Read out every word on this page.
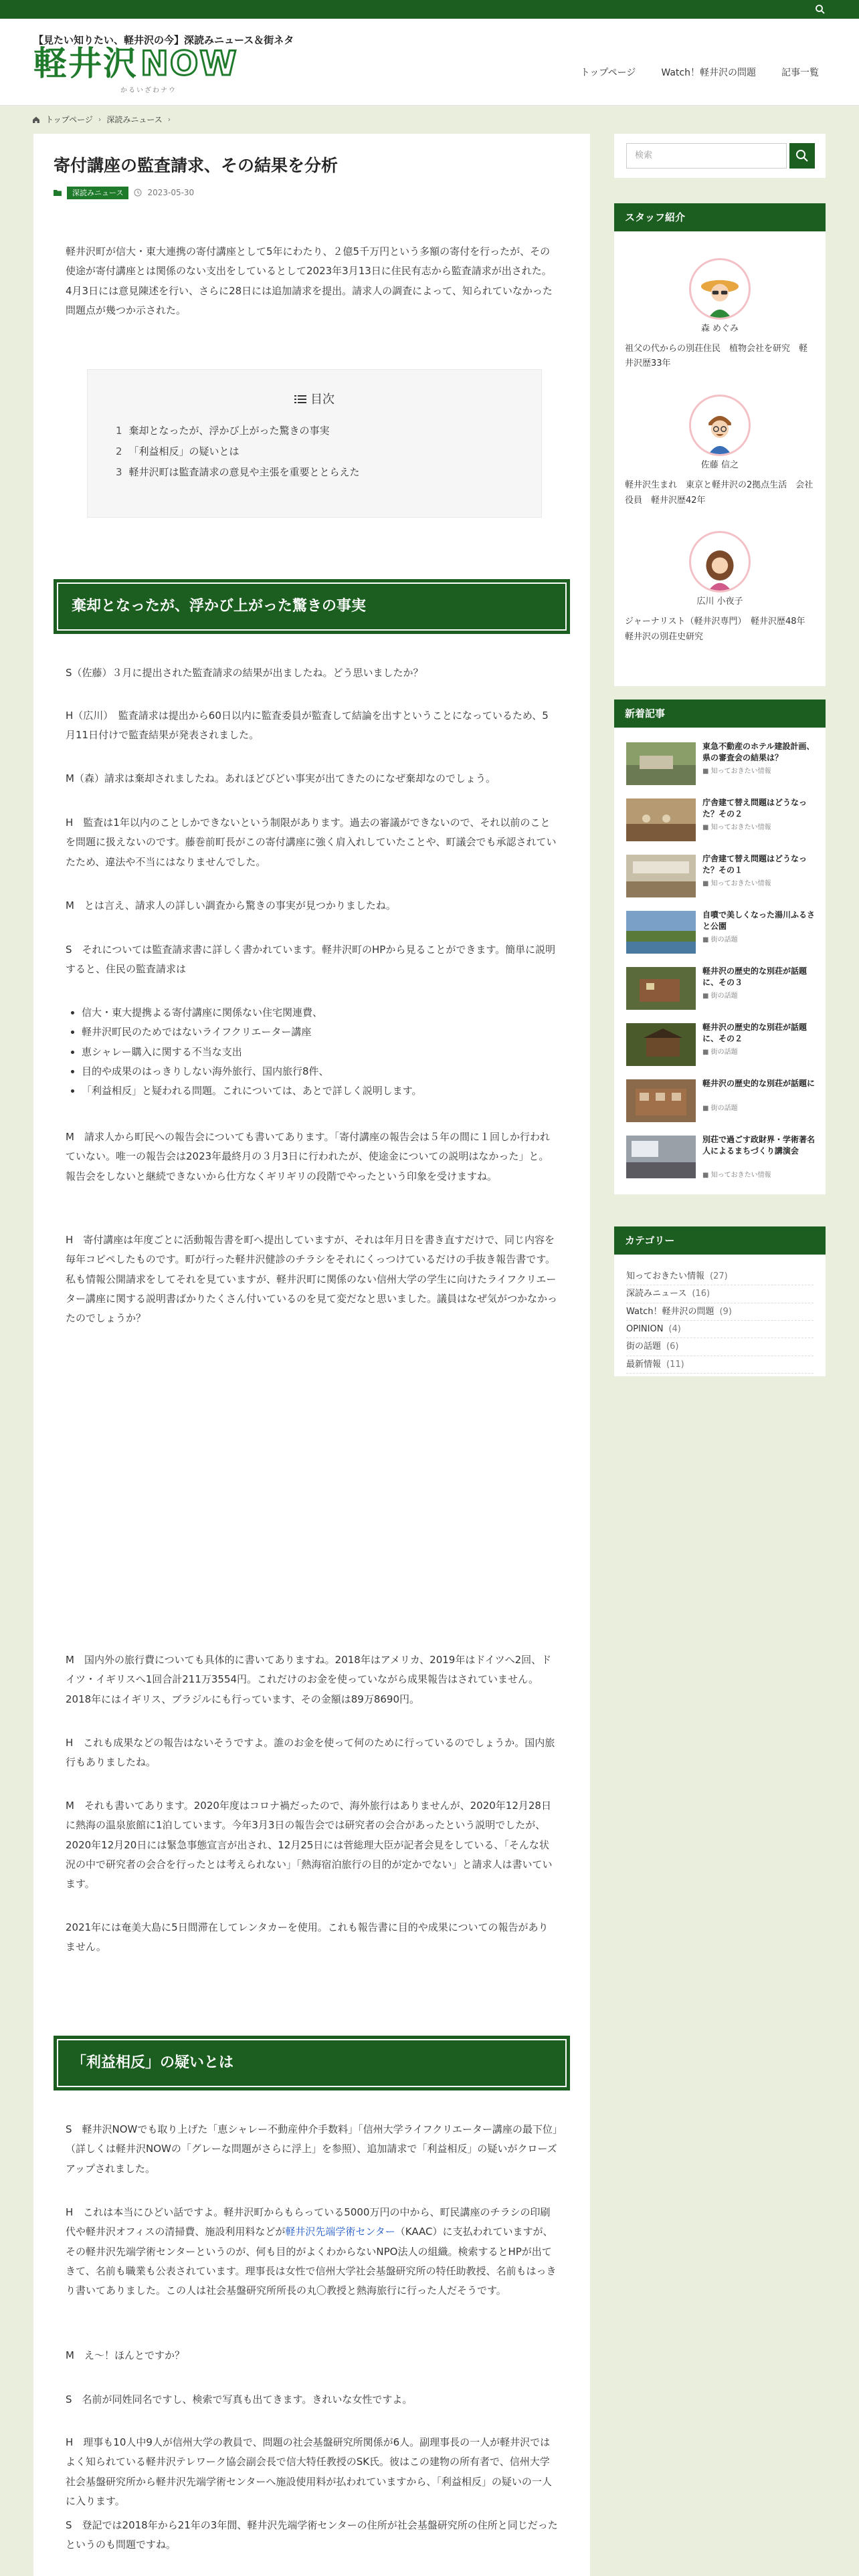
【見たい知りたい、軽井沢の今】深読みニュース＆街ネタ
軽井沢NOW
かるいざわナウ
トップページ	Watch！軽井沢の問題	記事一覧
トップページ › 深読みニュース ›
寄付講座の監査請求、その結果を分析
深読みニュース	2023-05-30

軽井沢町が信大・東大連携の寄付講座として5年にわたり、２億5千万円という多額の寄付を行ったが、その使途が寄付講座とは関係のない支出をしているとして2023年3月13日に住民有志から監査請求が出された。4月3日には意見陳述を行い、さらに28日には追加請求を提出。請求人の調査によって、知られていなかった問題点が幾つか示された。

目次
1 棄却となったが、浮かび上がった驚きの事実
2 「利益相反」の疑いとは
3 軽井沢町は監査請求の意見や主張を重要ととらえた
棄却となったが、浮かび上がった驚きの事実

S（佐藤）３月に提出された監査請求の結果が出ましたね。どう思いましたか？

H（広川）　監査請求は提出から60日以内に監査委員が監査して結論を出すということになっているため、5月11日付けで監査結果が発表されました。

M（森）請求は棄却されましたね。あれほどびどい事実が出てきたのになぜ棄却なのでしょう。

H　監査は1年以内のことしかできないという制限があります。過去の審議ができないので、それ以前のことを問題に扱えないのです。藤巻前町長がこの寄付講座に強く肩入れしていたことや、町議会でも承認されていたため、違法や不当にはなりませんでした。

M　とは言え、請求人の詳しい調査から驚きの事実が見つかりましたね。

S　それについては監査請求書に詳しく書かれています。軽井沢町のHPから見ることができます。簡単に説明すると、住民の監査請求は

• 信大・東大提携よる寄付講座に関係ない住宅関連費、
• 軽井沢町民のためではないライフクリエーター講座
• 恵シャレー購入に関する不当な支出
• 目的や成果のはっきりしない海外旅行、国内旅行8件、
• 「利益相反」と疑われる問題。これについては、あとで詳しく説明します。

M　請求人から町民への報告会についても書いてあります。「寄付講座の報告会は５年の間に１回しか行われていない。唯一の報告会は2023年最終月の３月3日に行われたが、使途金についての説明はなかった」と。報告会をしないと継続できないから仕方なくギリギリの段階でやったという印象を受けますね。

H　寄付講座は年度ごとに活動報告書を町へ提出していますが、それは年月日を書き直すだけで、同じ内容を毎年コピペしたものです。町が行った軽井沢健診のチラシをそれにくっつけているだけの手抜き報告書です。私も情報公開請求をしてそれを見ていますが、軽井沢町に関係のない信州大学の学生に向けたライフクリエーター講座に関する説明書ばかりたくさん付いているのを見て変だなと思いました。議員はなぜ気がつかなかったのでしょうか？

M　国内外の旅行費についても具体的に書いてありますね。2018年はアメリカ、2019年はドイツへ2回、ドイツ・イギリスへ1回合計211万3554円。これだけのお金を使っていながら成果報告はされていません。2018年にはイギリス、ブラジルにも行っています、その金額は89万8690円。

H　これも成果などの報告はないそうですよ。誰のお金を使って何のために行っているのでしょうか。国内旅行もありましたね。

M　それも書いてあります。2020年度はコロナ禍だったので、海外旅行はありませんが、2020年12月28日に熱海の温泉旅館に1泊しています。今年3月3日の報告会では研究者の会合があったという説明でしたが、2020年12月20日には緊急事態宣言が出され、12月25日には菅総理大臣が記者会見をしている、「そんな状況の中で研究者の会合を行ったとは考えられない」「熱海宿泊旅行の目的が定かでない」と請求人は書いています。

2021年には奄美大島に5日間滞在してレンタカーを使用。これも報告書に目的や成果についての報告がありません。

「利益相反」の疑いとは

S　軽井沢NOWでも取り上げた「恵シャレー不動産仲介手数料」「信州大学ライフクリエーター講座の最下位」（詳しくは軽井沢NOWの「グレーな問題がさらに浮上」を参照）、追加請求で「利益相反」の疑いがクローズアップされました。

H　これは本当にひどい話ですよ。軽井沢町からもらっている5000万円の中から、町民講座のチラシの印刷代や軽井沢オフィスの清掃費、施設利用料などが軽井沢先端学術センター（KAAC）に支払われていますが、その軽井沢先端学術センターというのが、何も目的がよくわからないNPO法人の組織。検索するとHPが出てきて、名前も職業も公表されています。理事長は女性で信州大学社会基盤研究所の特任助教授、名前もはっきり書いてありました。この人は社会基盤研究所所長の丸〇教授と熱海旅行に行った人だそうです。

M　え〜！ほんとですか？

S　名前が同姓同名ですし、検索で写真も出てきます。きれいな女性ですよ。

H　理事も10人中9人が信州大学の教員で、問題の社会基盤研究所関係が6人。副理事長の一人が軽井沢ではよく知られている軽井沢テレワーク協会副会長で信大特任教授のSK氏。彼はこの建物の所有者で、信州大学社会基盤研究所から軽井沢先端学術センターへ施設使用料が払われていますから、「利益相反」の疑いの一人に入ります。

S　登記では2018年から21年の3年間、軽井沢先端学術センターの住所が社会基盤研究所の住所と同じだったというのも問題ですね。

検索
スタッフ紹介
森 めぐみ
祖父の代からの別荘住民　植物会社を研究　軽井沢歴33年
佐藤 信之
軽井沢生まれ　東京と軽井沢の2拠点生活　会社役員　軽井沢歴42年
広川 小夜子
ジャーナリスト（軽井沢専門）　軽井沢歴48年　軽井沢の別荘史研究
新着記事
東急不動産のホテル建設計画、県の審査会の結果は？
■ 知っておきたい情報
庁舎建て替え問題はどうなった？その２
■ 知っておきたい情報
庁舎建て替え問題はどうなった？その１
■ 知っておきたい情報
自噴で美しくなった湯川ふるさと公園
■ 街の話題
軽井沢の歴史的な別荘が話題に、その３
■ 街の話題
軽井沢の歴史的な別荘が話題に、その２
■ 街の話題
軽井沢の歴史的な別荘が話題に
■ 街の話題
別荘で過ごす政財界・学術著名人によるまちづくり講演会
■ 知っておきたい情報
カテゴリー
知っておきたい情報 (27)
深読みニュース (16)
Watch！軽井沢の問題 (9)
OPINION (4)
街の話題 (6)
最新情報 (11)
